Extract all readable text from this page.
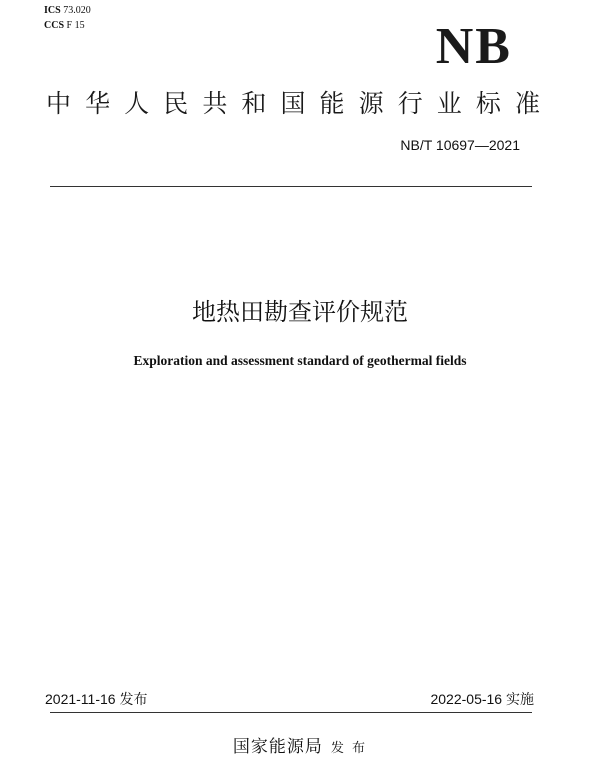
ICS 73.020
CCS F 15	NB
中 华 人 民 共 和 国 能 源 行 业 标 准
NB/T 10697—2021
地热田勘查评价规范
Exploration and assessment standard of geothermal fields
2021-11-16 发布	2022-05-16 实施
国家能源局 发 布
